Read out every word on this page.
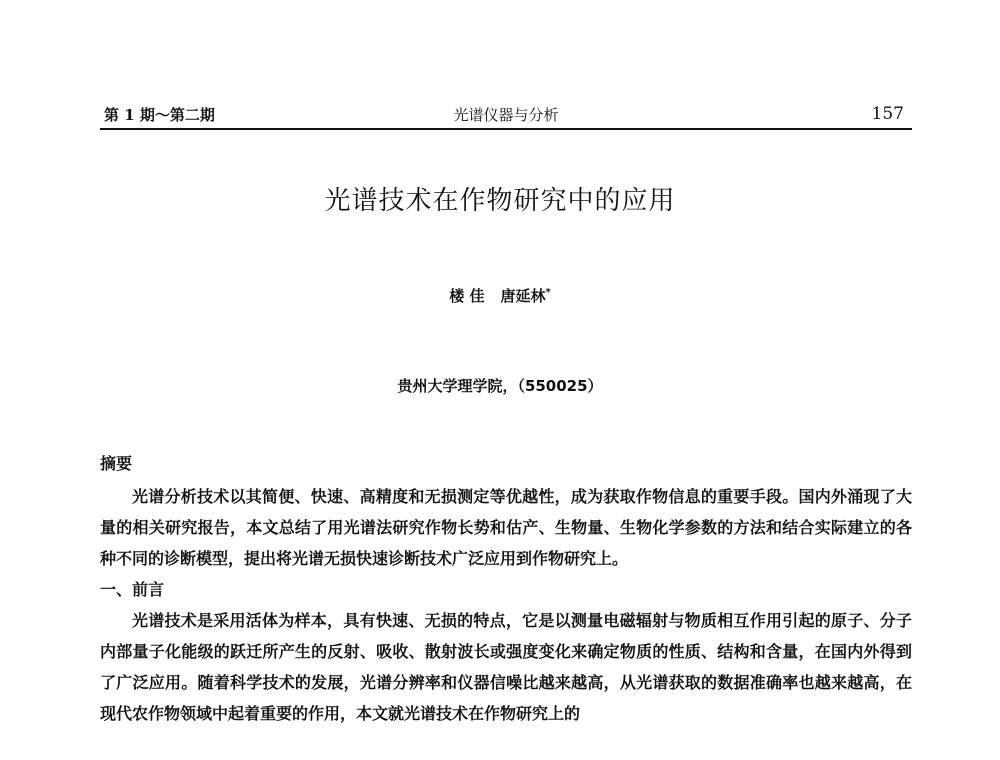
第 1 期～第二期	光谱仪器与分析	157
光谱技术在作物研究中的应用
楼 佳 唐延林*
贵州大学理学院，（550025）
摘要

光谱分析技术以其简便、快速、高精度和无损测定等优越性，成为获取作物信息的重要手段。国内外涌现了大量的相关研究报告，本文总结了用光谱法研究作物长势和估产、生物量、生物化学参数的方法和结合实际建立的各种不同的诊断模型，提出将光谱无损快速诊断技术广泛应用到作物研究上。

一、前言

光谱技术是采用活体为样本，具有快速、无损的特点，它是以测量电磁辐射与物质相互作用引起的原子、分子内部量子化能级的跃迁所产生的反射、吸收、散射波长或强度变化来确定物质的性质、结构和含量，在国内外得到了广泛应用。随着科学技术的发展，光谱分辨率和仪器信噪比越来越高，从光谱获取的数据准确率也越来越高，在现代农作物领域中起着重要的作用，本文就光谱技术在作物研究上的
